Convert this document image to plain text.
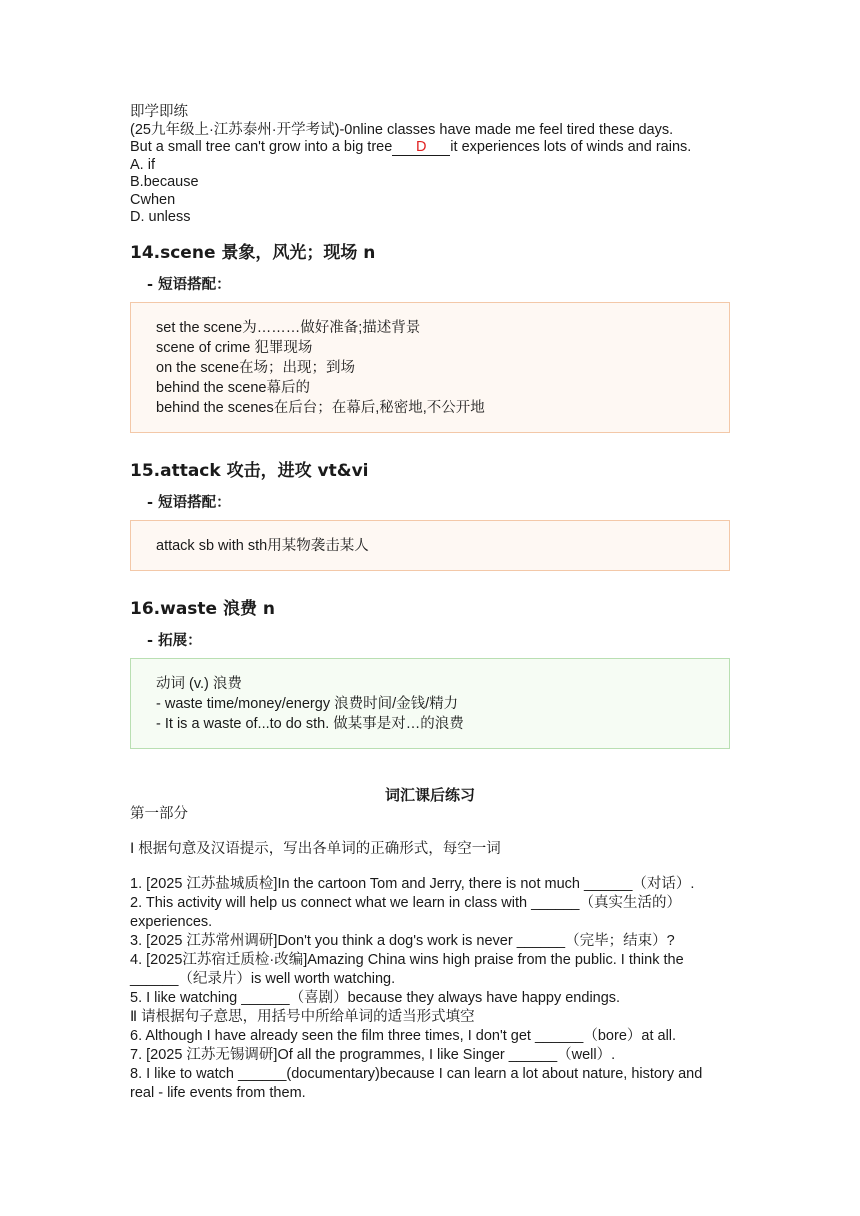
即学即练
(25九年级上·江苏泰州·开学考试)-0nline classes have made me feel tired these days.
But a small tree can't grow into a big tree D it experiences lots of winds and rains.
A. if
B.because
Cwhen
D. unless
14.scene 景象，风光；现场 n
- 短语搭配：
set the scene为………做好准备;描述背景
scene of crime 犯罪现场
on the scene在场；出现；到场
behind the scene幕后的
behind the scenes在后台；在幕后,秘密地,不公开地
15.attack 攻击，进攻 vt&vi
- 短语搭配：
attack sb with sth用某物袭击某人
16.waste 浪费 n
- 拓展：
动词 (v.) 浪费
- waste time/money/energy 浪费时间/金钱/精力
- It is a waste of...to do sth. 做某事是对…的浪费
词汇课后练习
第一部分
Ⅰ 根据句意及汉语提示，写出各单词的正确形式，每空一词
1. [2025 江苏盐城质检]In the cartoon Tom and Jerry, there is not much ______（对话）.
2. This activity will help us connect what we learn in class with ______（真实生活的）
experiences.
3. [2025 江苏常州调研]Don't you think a dog's work is never ______（完毕；结束）?
4. [2025江苏宿迁质检·改编]Amazing China wins high praise from the public. I think the
______（纪录片）is well worth watching.
5. I like watching ______（喜剧）because they always have happy endings.
Ⅱ 请根据句子意思，用括号中所给单词的适当形式填空
6. Although I have already seen the film three times, I don't get ______（bore）at all.
7. [2025 江苏无锡调研]Of all the programmes, I like Singer ______（well）.
8. I like to watch ______(documentary)because I can learn a lot about nature, history and
real - life events from them.
